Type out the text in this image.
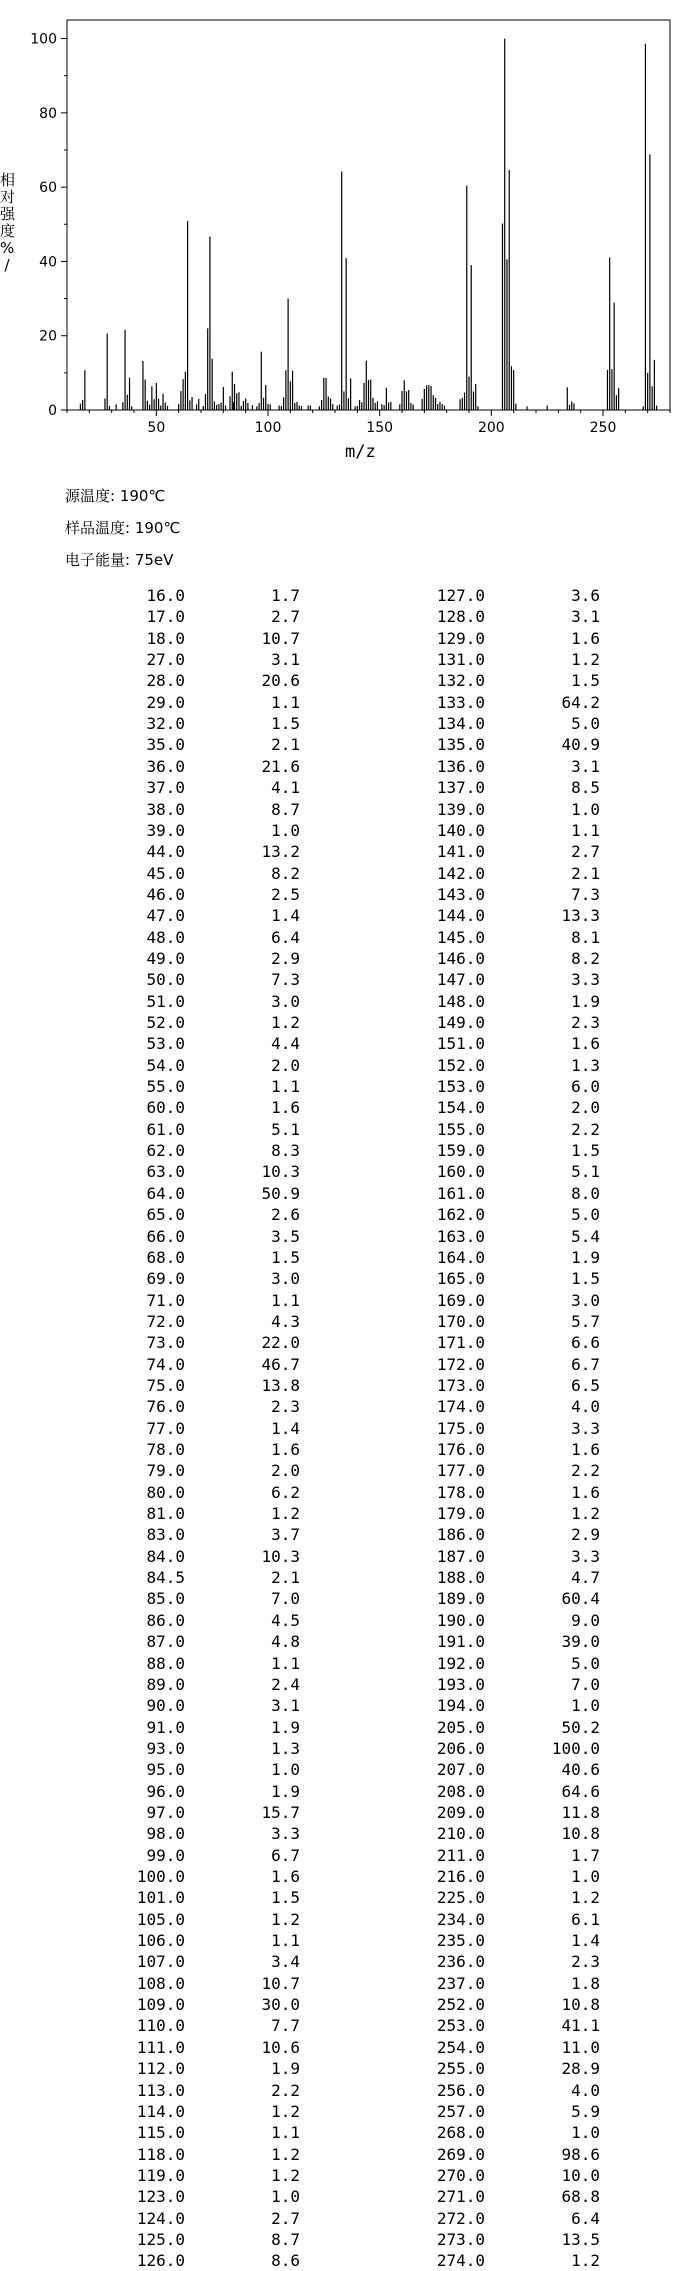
0
20
40
60
80
100
50	100	150	200	250
相
对
强
度
%
/
m/z
源温度: 190℃
样品温度: 190℃
电子能量: 75eV
16.0	1.7
17.0	2.7
18.0	10.7
27.0	3.1
28.0	20.6
29.0	1.1
32.0	1.5
35.0	2.1
36.0	21.6
37.0	4.1
38.0	8.7
39.0	1.0
44.0	13.2
45.0	8.2
46.0	2.5
47.0	1.4
48.0	6.4
49.0	2.9
50.0	7.3
51.0	3.0
52.0	1.2
53.0	4.4
54.0	2.0
55.0	1.1
60.0	1.6
61.0	5.1
62.0	8.3
63.0	10.3
64.0	50.9
65.0	2.6
66.0	3.5
68.0	1.5
69.0	3.0
71.0	1.1
72.0	4.3
73.0	22.0
74.0	46.7
75.0	13.8
76.0	2.3
77.0	1.4
78.0	1.6
79.0	2.0
80.0	6.2
81.0	1.2
83.0	3.7
84.0	10.3
84.5	2.1
85.0	7.0
86.0	4.5
87.0	4.8
88.0	1.1
89.0	2.4
90.0	3.1
91.0	1.9
93.0	1.3
95.0	1.0
96.0	1.9
97.0	15.7
98.0	3.3
99.0	6.7
100.0	1.6
101.0	1.5
105.0	1.2
106.0	1.1
107.0	3.4
108.0	10.7
109.0	30.0
110.0	7.7
111.0	10.6
112.0	1.9
113.0	2.2
114.0	1.2
115.0	1.1
118.0	1.2
119.0	1.2
123.0	1.0
124.0	2.7
125.0	8.7
126.0	8.6
127.0	3.6
128.0	3.1
129.0	1.6
131.0	1.2
132.0	1.5
133.0	64.2
134.0	5.0
135.0	40.9
136.0	3.1
137.0	8.5
139.0	1.0
140.0	1.1
141.0	2.7
142.0	2.1
143.0	7.3
144.0	13.3
145.0	8.1
146.0	8.2
147.0	3.3
148.0	1.9
149.0	2.3
151.0	1.6
152.0	1.3
153.0	6.0
154.0	2.0
155.0	2.2
159.0	1.5
160.0	5.1
161.0	8.0
162.0	5.0
163.0	5.4
164.0	1.9
165.0	1.5
169.0	3.0
170.0	5.7
171.0	6.6
172.0	6.7
173.0	6.5
174.0	4.0
175.0	3.3
176.0	1.6
177.0	2.2
178.0	1.6
179.0	1.2
186.0	2.9
187.0	3.3
188.0	4.7
189.0	60.4
190.0	9.0
191.0	39.0
192.0	5.0
193.0	7.0
194.0	1.0
205.0	50.2
206.0	100.0
207.0	40.6
208.0	64.6
209.0	11.8
210.0	10.8
211.0	1.7
216.0	1.0
225.0	1.2
234.0	6.1
235.0	1.4
236.0	2.3
237.0	1.8
252.0	10.8
253.0	41.1
254.0	11.0
255.0	28.9
256.0	4.0
257.0	5.9
268.0	1.0
269.0	98.6
270.0	10.0
271.0	68.8
272.0	6.4
273.0	13.5
274.0	1.2
